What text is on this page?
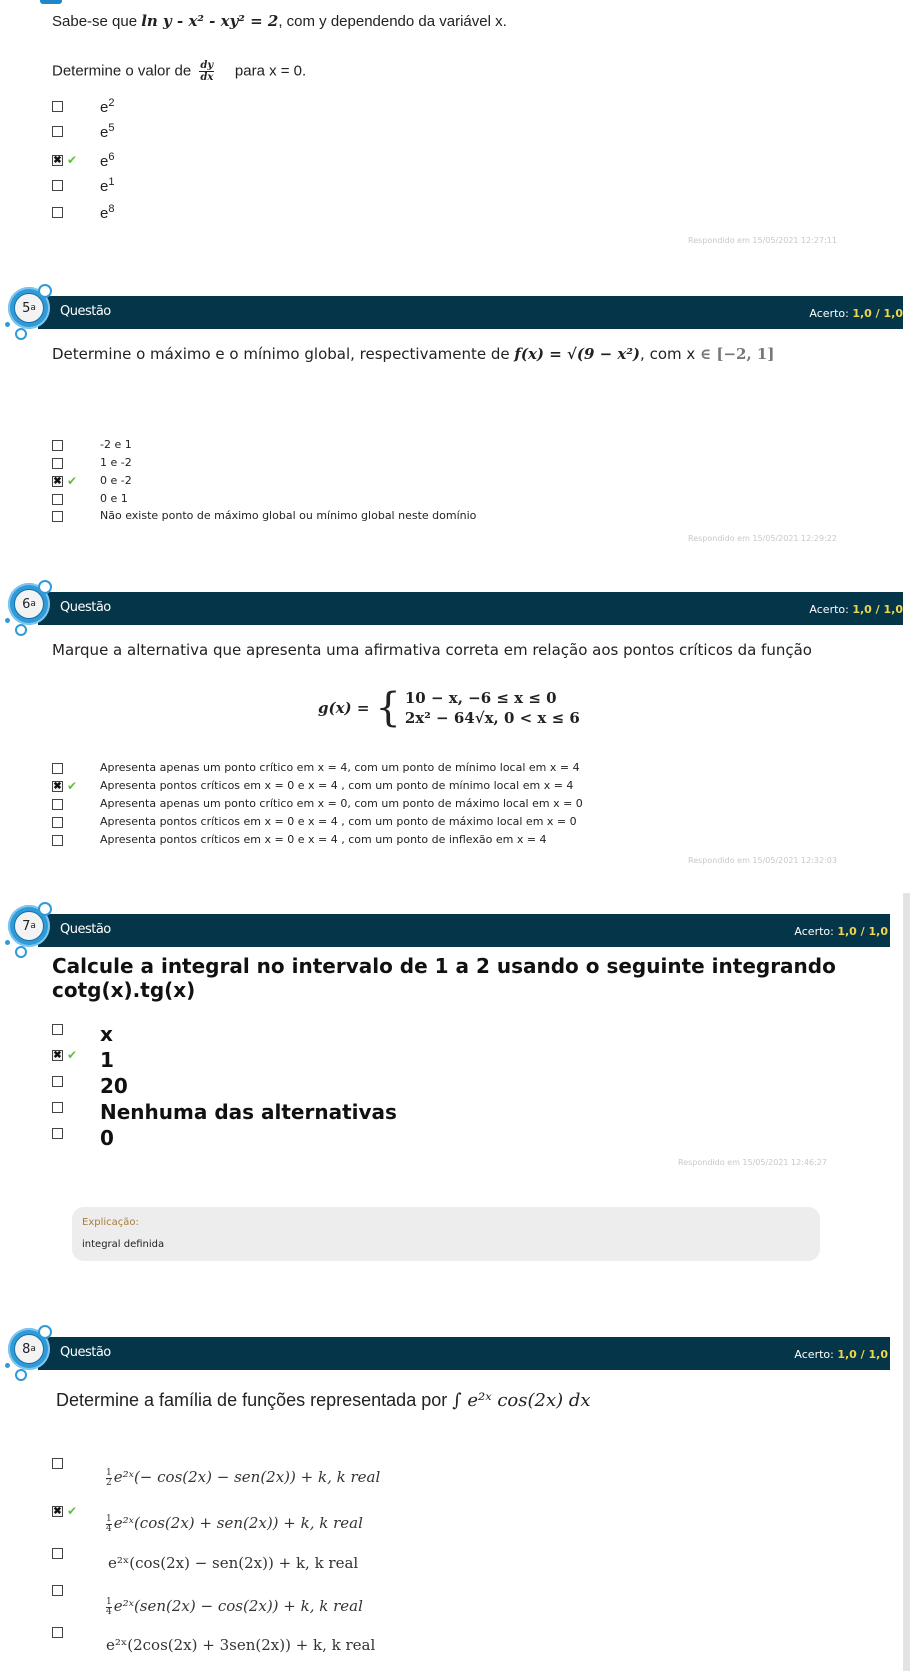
Sabe-se que ln y - x² - xy² = 2, com y dependendo da variável x.
Determine o valor de $\frac{dy}{dx}$ para x = 0.
$e^2$
$e^5$
✖ ✔ $e^6$
$e^1$
$e^8$
Respondido em 15/05/2021 12:27:11
5 a Questão	Acerto: 1,0 / 1,0
Determine o máximo e o mínimo global, respectivamente de f(x) = √(9 − x²), com x ∈ [−2, 1]
-2 e 1
1 e -2
✖ ✔	0 e -2
0 e 1
Não existe ponto de máximo global ou mínimo global neste domínio
Respondido em 15/05/2021 12:29:22
6 a Questão	Acerto: 1,0 / 1,0
Marque a alternativa que apresenta uma afirmativa correta em relação aos pontos críticos da função
g(x) = { 10 − x, −6 ≤ x ≤ 0
2x² − 64√x, 0 < x ≤ 6
Apresenta apenas um ponto crítico em x = 4, com um ponto de mínimo local em x = 4
✖ ✔	Apresenta pontos críticos em x = 0 e x = 4 , com um ponto de mínimo local em x = 4
Apresenta apenas um ponto crítico em x = 0, com um ponto de máximo local em x = 0
Apresenta pontos críticos em x = 0 e x = 4 , com um ponto de máximo local em x = 0
Apresenta pontos críticos em x = 0 e x = 4 , com um ponto de inflexão em x = 4
Respondido em 15/05/2021 12:32:03
7 a Questão	Acerto: 1,0 / 1,0
Calcule a integral no intervalo de 1 a 2 usando o seguinte integrando cotg(x).tg(x)
x
✖ ✔ 1
20
Nenhuma das alternativas
0
Respondido em 15/05/2021 12:46:27
Explicação:
integral definida
8 a Questão	Acerto: 1,0 / 1,0
Determine a família de funções representada por ∫ e²ˣ cos(2x) dx
$\frac{1}{2}$ e²ˣ(− cos(2x) − sen(2x)) + k, k real
✖ ✔
$\frac{1}{4}$ e²ˣ(cos(2x) + sen(2x)) + k, k real
e²ˣ(cos(2x) − sen(2x)) + k, k real
$\frac{1}{4}$ e²ˣ(sen(2x) − cos(2x)) + k, k real
e²ˣ(2cos(2x) + 3sen(2x)) + k, k real
